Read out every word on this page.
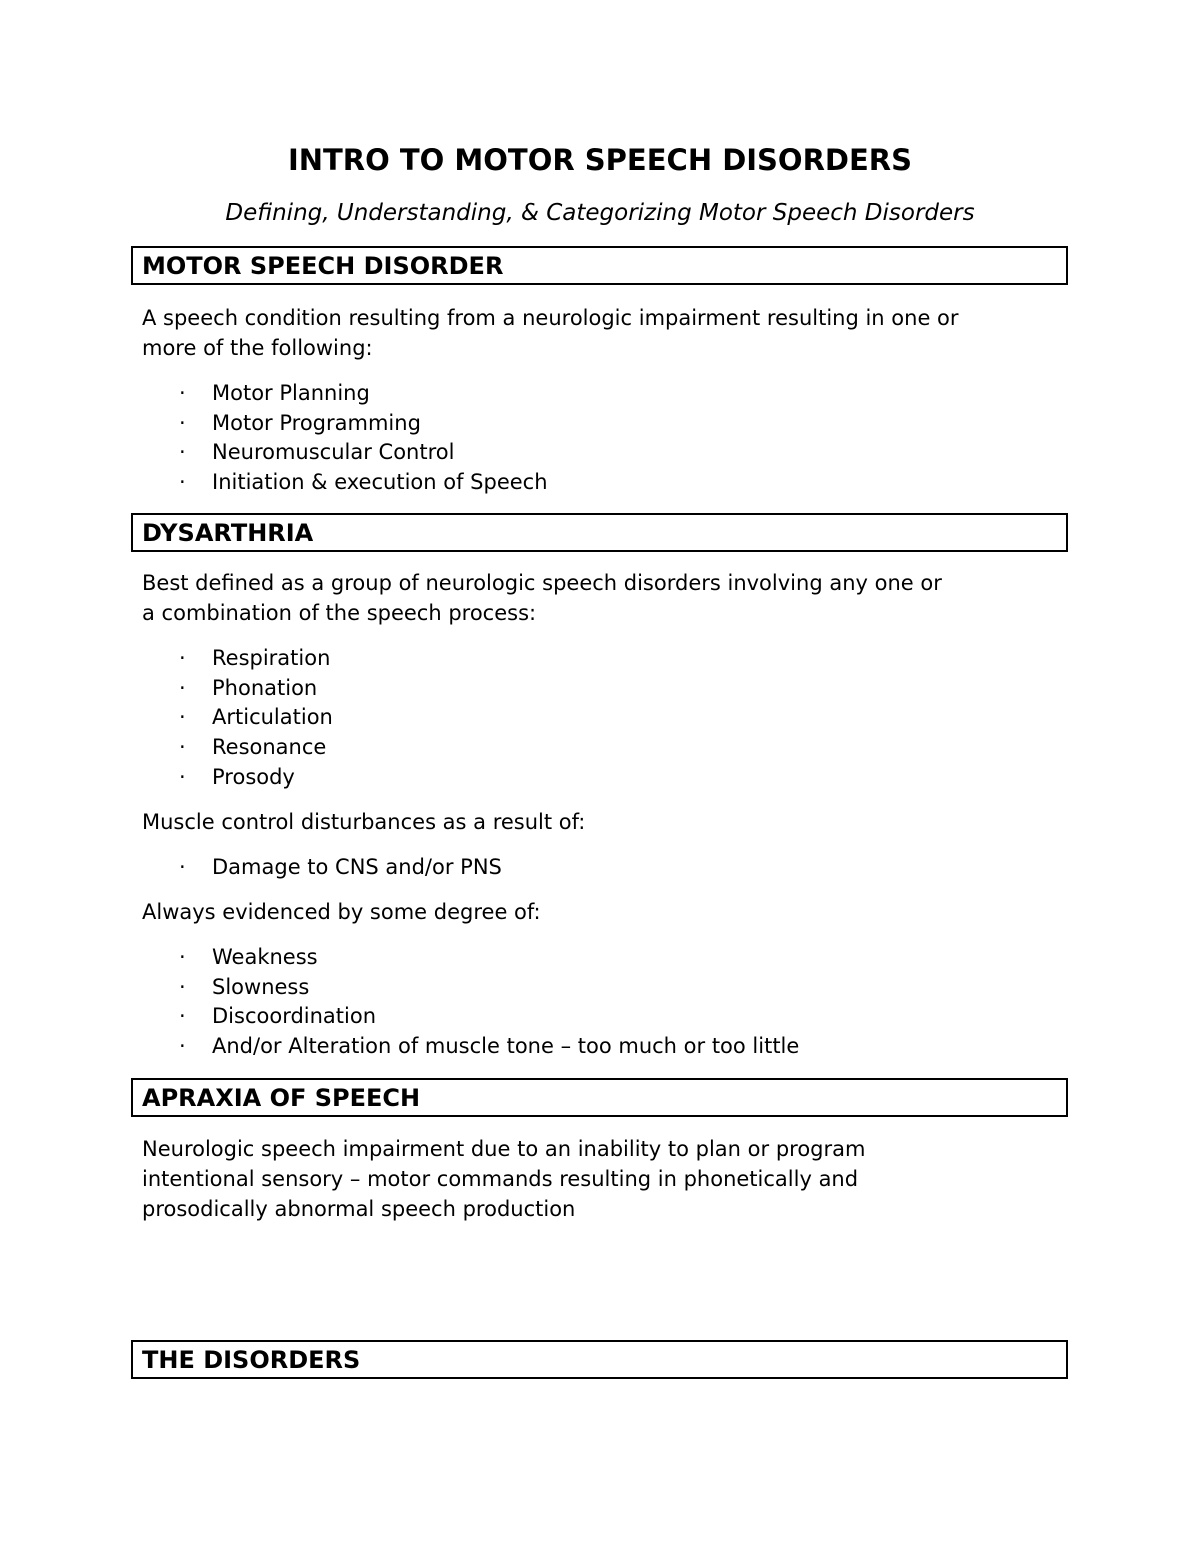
INTRO TO MOTOR SPEECH DISORDERS
Defining, Understanding, & Categorizing Motor Speech Disorders
MOTOR SPEECH DISORDER
A speech condition resulting from a neurologic impairment resulting in one or
more of the following:
· Motor Planning
· Motor Programming
· Neuromuscular Control
· Initiation & execution of Speech
DYSARTHRIA
Best defined as a group of neurologic speech disorders involving any one or
a combination of the speech process:
· Respiration
· Phonation
· Articulation
· Resonance
· Prosody
Muscle control disturbances as a result of:
· Damage to CNS and/or PNS
Always evidenced by some degree of:
· Weakness
· Slowness
· Discoordination
· And/or Alteration of muscle tone – too much or too little
APRAXIA OF SPEECH
Neurologic speech impairment due to an inability to plan or program
intentional sensory – motor commands resulting in phonetically and
prosodically abnormal speech production
THE DISORDERS
